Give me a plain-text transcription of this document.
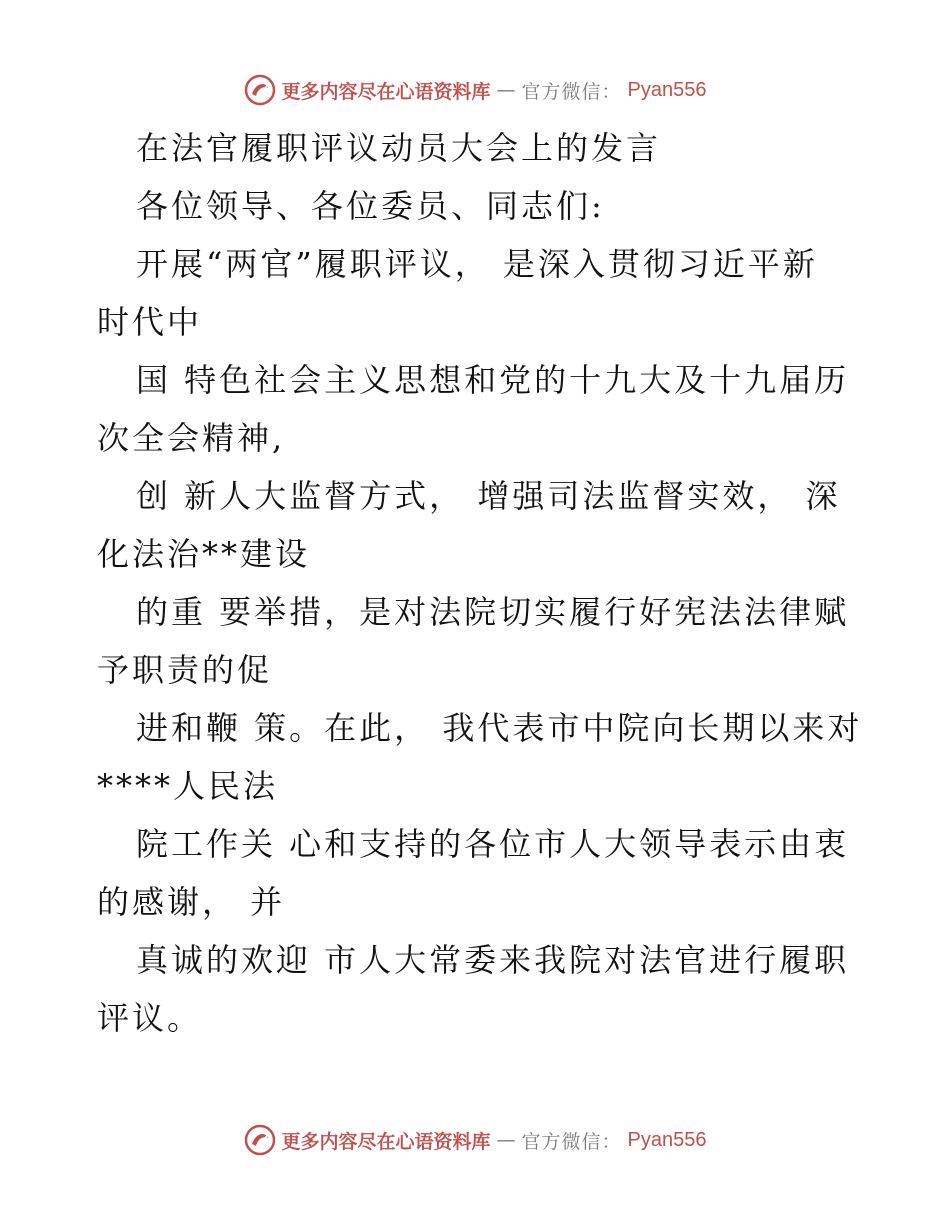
更多内容尽在心语资料库 — 官方微信： Pyan556
在法官履职评议动员大会上的发言
各位领导、各位委员、同志们:
开展“两官”履职评议， 是深入贯彻习近平新
时代中
国 特色社会主义思想和党的十九大及十九届历
次全会精神,
创 新人大监督方式， 增强司法监督实效， 深
化法治**建设
的重 要举措，是对法院切实履行好宪法法律赋
予职责的促
进和鞭 策。在此， 我代表市中院向长期以来对
****人民法
院工作关 心和支持的各位市人大领导表示由衷
的感谢， 并
真诚的欢迎 市人大常委来我院对法官进行履职
评议。
更多内容尽在心语资料库 — 官方微信： Pyan556
